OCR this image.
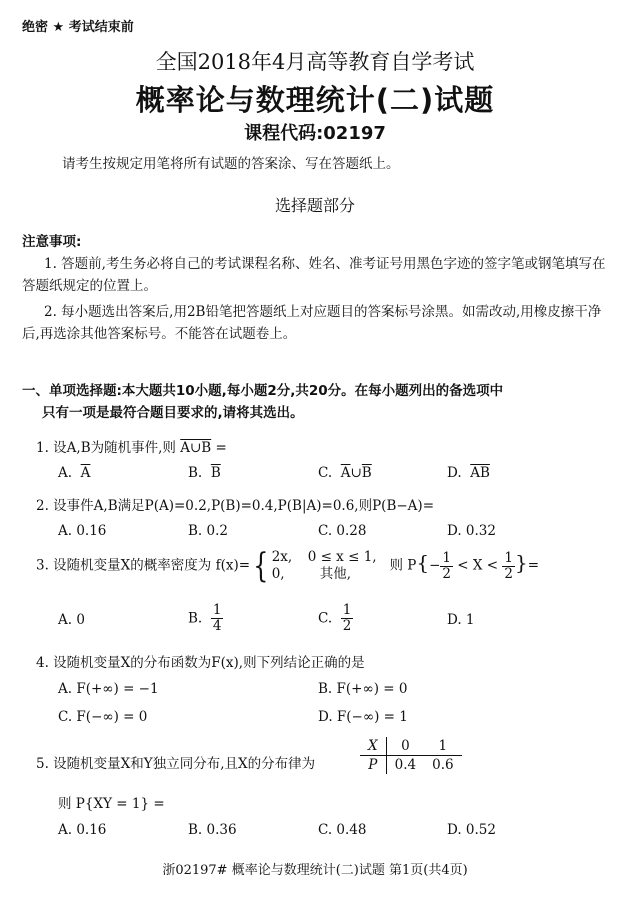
绝密 ★ 考试结束前
全国2018年4月高等教育自学考试
概率论与数理统计(二)试题
课程代码:02197
请考生按规定用笔将所有试题的答案涂、写在答题纸上。
选择题部分
注意事项:
1. 答题前,考生务必将自己的考试课程名称、姓名、准考证号用黑色字迹的签字笔或钢笔填写在答题纸规定的位置上。
2. 每小题选出答案后,用2B铅笔把答题纸上对应题目的答案标号涂黑。如需改动,用橡皮擦干净后,再选涂其他答案标号。不能答在试题卷上。
一、单项选择题:本大题共10小题,每小题2分,共20分。在每小题列出的备选项中
只有一项是最符合题目要求的,请将其选出。
1. 设A,B为随机事件,则 A∪B =
A. $\overline{A}$	B. $\overline{B}$	C. $\overline{A}\cup\overline{B}$	D. $\overline{AB}$
2. 设事件A,B满足P(A)=0.2,P(B)=0.4,P(B|A)=0.6,则P(B−A)=
A. 0.16	B. 0.2	C. 0.28	D. 0.32
3. 设随机变量X的概率密度为 f(x)={ 2x, 0 ≤ x ≤ 1,
0,	其他,
则 $P\{- \frac{1}{2} < X < \frac{1}{2}$ }=
A. 0	B. $\frac{1}{4}$	C. $\frac{1}{2}$	D. 1
4. 设随机变量X的分布函数为F(x),则下列结论正确的是
A. F(+∞) = −1	B. F(+∞) = 0
C. F(−∞) = 0	D. F(−∞) = 1
5. 设随机变量X和Y独立同分布,且X的分布律为
X	0	1
P	0.4	0.6
则 P{XY = 1} =
A. 0.16	B. 0.36	C. 0.48	D. 0.52
浙02197# 概率论与数理统计(二)试题 第1页(共4页)
